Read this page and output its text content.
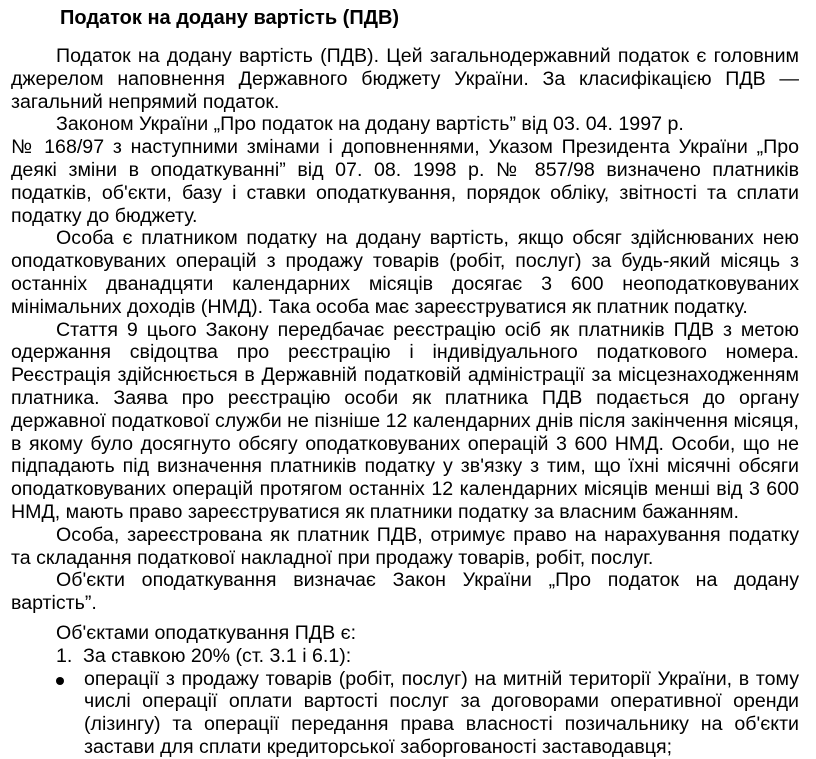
Податок на додану вартість (ПДВ)
Податок на додану вартість (ПДВ). Цей загальнодержавний податок є головним джерелом наповнення Державного бюджету України. За класифікацією ПДВ — загальний непрямий податок.
Законом України „Про податок на додану вартість” від 03. 04. 1997 р.
№ 168/97 з наступними змінами і доповненнями, Указом Президента України „Про деякі зміни в оподаткуванні” від 07. 08. 1998 р. № 857/98 визначено платників податків, об'єкти, базу і ставки оподаткування, порядок обліку, звітності та сплати податку до бюджету.
Особа є платником податку на додану вартість, якщо обсяг здійснюваних нею оподатковуваних операцій з продажу товарів (робіт, послуг) за будь-який місяць з останніх дванадцяти календарних місяців досягає 3 600 неоподатковуваних мінімальних доходів (НМД). Така особа має зареєструватися як платник податку.
Стаття 9 цього Закону передбачає реєстрацію осіб як платників ПДВ з метою одержання свідоцтва про реєстрацію і індивідуального податкового номера. Реєстрація здійснюється в Державній податковій адміністрації за місцезнаходженням платника. Заява про реєстрацію особи як платника ПДВ подається до органу державної податкової служби не пізніше 12 календарних днів після закінчення місяця, в якому було досягнуто обсягу оподатковуваних операцій 3 600 НМД. Особи, що не підпадають під визначення платників податку у зв'язку з тим, що їхні місячні обсяги оподатковуваних операцій протягом останніх 12 календарних місяців менші від 3 600 НМД, мають право зареєструватися як платники податку за власним бажанням.
Особа, зареєстрована як платник ПДВ, отримує право на нарахування податку та складання податкової накладної при продажу товарів, робіт, послуг.
Об'єкти оподаткування визначає Закон України „Про податок на додану вартість”.
Об'єктами оподаткування ПДВ є:
1. За ставкою 20% (ст. 3.1 і 6.1):
операції з продажу товарів (робіт, послуг) на митній території України, в тому числі операції оплати вартості послуг за договорами оперативної оренди (лізингу) та операції передання права власності позичальнику на об'єкти застави для сплати кредиторської заборгованості заставодавця;
